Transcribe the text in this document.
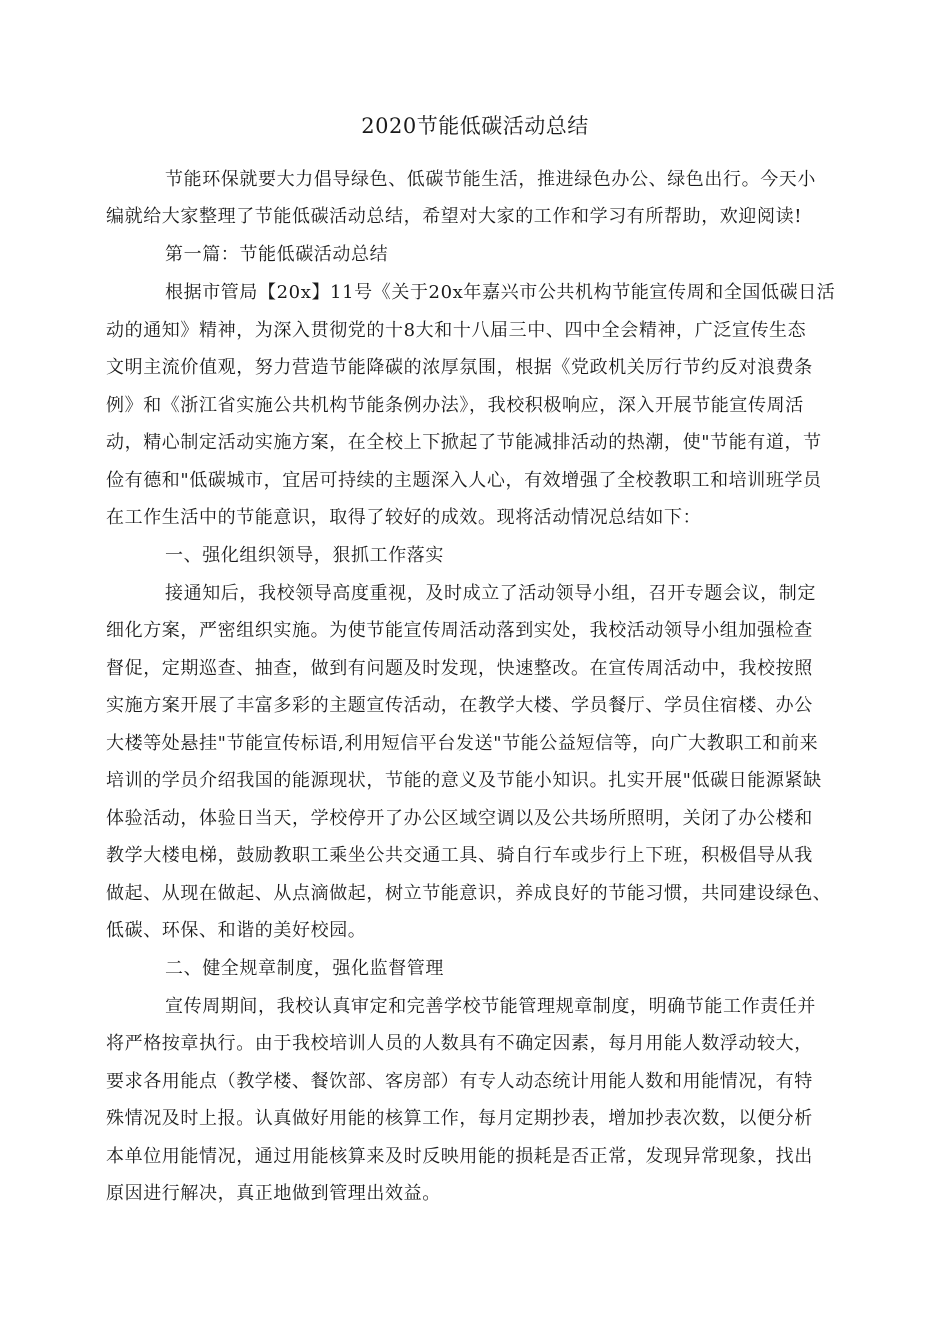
2020节能低碳活动总结
节能环保就要大力倡导绿色、低碳节能生活，推进绿色办公、绿色出行。今天小
编就给大家整理了节能低碳活动总结，希望对大家的工作和学习有所帮助，欢迎阅读!
第一篇：节能低碳活动总结
根据市管局【20x】11号《关于20x年嘉兴市公共机构节能宣传周和全国低碳日活
动的通知》精神，为深入贯彻党的十8大和十八届三中、四中全会精神，广泛宣传生态
文明主流价值观，努力营造节能降碳的浓厚氛围，根据《党政机关厉行节约反对浪费条
例》和《浙江省实施公共机构节能条例办法》，我校积极响应，深入开展节能宣传周活
动，精心制定活动实施方案，在全校上下掀起了节能减排活动的热潮，使"节能有道，节
俭有德和"低碳城市，宜居可持续的主题深入人心，有效增强了全校教职工和培训班学员
在工作生活中的节能意识，取得了较好的成效。现将活动情况总结如下：
一、强化组织领导，狠抓工作落实
接通知后，我校领导高度重视，及时成立了活动领导小组，召开专题会议，制定
细化方案，严密组织实施。为使节能宣传周活动落到实处，我校活动领导小组加强检查
督促，定期巡查、抽查，做到有问题及时发现，快速整改。在宣传周活动中，我校按照
实施方案开展了丰富多彩的主题宣传活动，在教学大楼、学员餐厅、学员住宿楼、办公
大楼等处悬挂"节能宣传标语,利用短信平台发送"节能公益短信等，向广大教职工和前来
培训的学员介绍我国的能源现状，节能的意义及节能小知识。扎实开展"低碳日能源紧缺
体验活动，体验日当天，学校停开了办公区域空调以及公共场所照明，关闭了办公楼和
教学大楼电梯，鼓励教职工乘坐公共交通工具、骑自行车或步行上下班，积极倡导从我
做起、从现在做起、从点滴做起，树立节能意识，养成良好的节能习惯，共同建设绿色、
低碳、环保、和谐的美好校园。
二、健全规章制度，强化监督管理
宣传周期间，我校认真审定和完善学校节能管理规章制度，明确节能工作责任并
将严格按章执行。由于我校培训人员的人数具有不确定因素，每月用能人数浮动较大，
要求各用能点（教学楼、餐饮部、客房部）有专人动态统计用能人数和用能情况，有特
殊情况及时上报。认真做好用能的核算工作，每月定期抄表，增加抄表次数，以便分析
本单位用能情况，通过用能核算来及时反映用能的损耗是否正常，发现异常现象，找出
原因进行解决，真正地做到管理出效益。
